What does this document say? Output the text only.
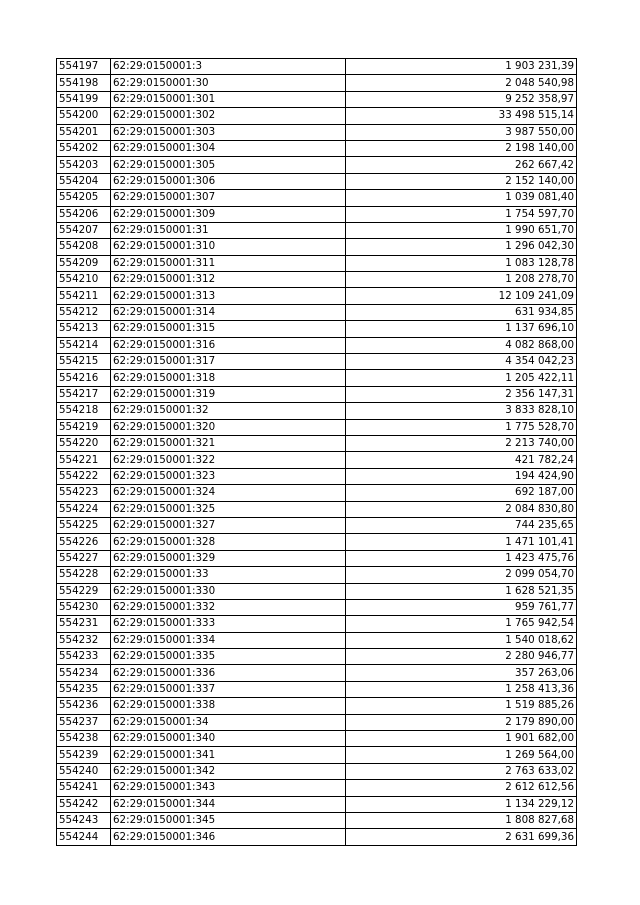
554197	62:29:0150001:3	1 903 231,39
554198	62:29:0150001:30	2 048 540,98
554199	62:29:0150001:301	9 252 358,97
554200	62:29:0150001:302	33 498 515,14
554201	62:29:0150001:303	3 987 550,00
554202	62:29:0150001:304	2 198 140,00
554203	62:29:0150001:305	262 667,42
554204	62:29:0150001:306	2 152 140,00
554205	62:29:0150001:307	1 039 081,40
554206	62:29:0150001:309	1 754 597,70
554207	62:29:0150001:31	1 990 651,70
554208	62:29:0150001:310	1 296 042,30
554209	62:29:0150001:311	1 083 128,78
554210	62:29:0150001:312	1 208 278,70
554211	62:29:0150001:313	12 109 241,09
554212	62:29:0150001:314	631 934,85
554213	62:29:0150001:315	1 137 696,10
554214	62:29:0150001:316	4 082 868,00
554215	62:29:0150001:317	4 354 042,23
554216	62:29:0150001:318	1 205 422,11
554217	62:29:0150001:319	2 356 147,31
554218	62:29:0150001:32	3 833 828,10
554219	62:29:0150001:320	1 775 528,70
554220	62:29:0150001:321	2 213 740,00
554221	62:29:0150001:322	421 782,24
554222	62:29:0150001:323	194 424,90
554223	62:29:0150001:324	692 187,00
554224	62:29:0150001:325	2 084 830,80
554225	62:29:0150001:327	744 235,65
554226	62:29:0150001:328	1 471 101,41
554227	62:29:0150001:329	1 423 475,76
554228	62:29:0150001:33	2 099 054,70
554229	62:29:0150001:330	1 628 521,35
554230	62:29:0150001:332	959 761,77
554231	62:29:0150001:333	1 765 942,54
554232	62:29:0150001:334	1 540 018,62
554233	62:29:0150001:335	2 280 946,77
554234	62:29:0150001:336	357 263,06
554235	62:29:0150001:337	1 258 413,36
554236	62:29:0150001:338	1 519 885,26
554237	62:29:0150001:34	2 179 890,00
554238	62:29:0150001:340	1 901 682,00
554239	62:29:0150001:341	1 269 564,00
554240	62:29:0150001:342	2 763 633,02
554241	62:29:0150001:343	2 612 612,56
554242	62:29:0150001:344	1 134 229,12
554243	62:29:0150001:345	1 808 827,68
554244	62:29:0150001:346	2 631 699,36
